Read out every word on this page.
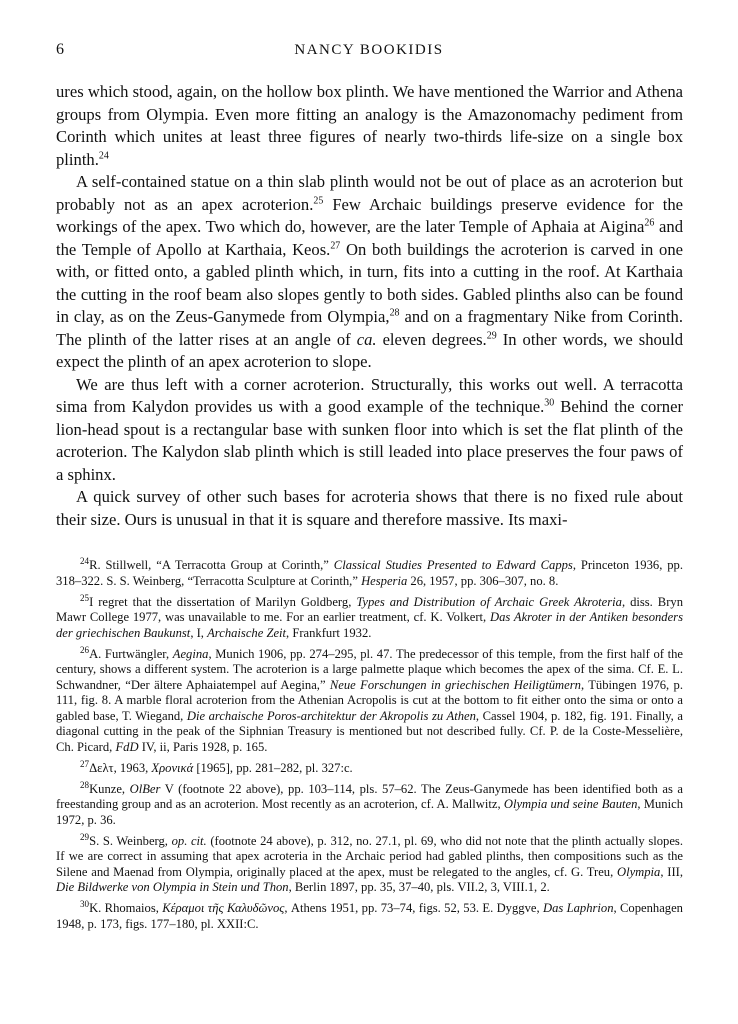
6	NANCY BOOKIDIS

ures which stood, again, on the hollow box plinth. We have mentioned the Warrior and Athena groups from Olympia. Even more fitting an analogy is the Amazonomachy pediment from Corinth which unites at least three figures of nearly two-thirds life-size on a single box plinth.$^{24}$

A self-contained statue on a thin slab plinth would not be out of place as an acroterion but probably not as an apex acroterion.$^{25}$ Few Archaic buildings preserve evidence for the workings of the apex. Two which do, however, are the later Temple of Aphaia at Aigina$^{26}$ and the Temple of Apollo at Karthaia, Keos.$^{27}$ On both buildings the acroterion is carved in one with, or fitted onto, a gabled plinth which, in turn, fits into a cutting in the roof. At Karthaia the cutting in the roof beam also slopes gently to both sides. Gabled plinths also can be found in clay, as on the Zeus-Ganymede from Olympia,$^{28}$ and on a fragmentary Nike from Corinth. The plinth of the latter rises at an angle of ca. eleven degrees.$^{29}$ In other words, we should expect the plinth of an apex acroterion to slope.

We are thus left with a corner acroterion. Structurally, this works out well. A terracotta sima from Kalydon provides us with a good example of the technique.$^{30}$ Behind the corner lion-head spout is a rectangular base with sunken floor into which is set the flat plinth of the acroterion. The Kalydon slab plinth which is still leaded into place preserves the four paws of a sphinx.

A quick survey of other such bases for acroteria shows that there is no fixed rule about their size. Ours is unusual in that it is square and therefore massive. Its maxi-

$^{24}$R. Stillwell, “A Terracotta Group at Corinth,” Classical Studies Presented to Edward Capps, Princeton 1936, pp. 318–322. S. S. Weinberg, “Terracotta Sculpture at Corinth,” Hesperia 26, 1957, pp. 306–307, no. 8.

$^{25}$I regret that the dissertation of Marilyn Goldberg, Types and Distribution of Archaic Greek Akroteria, diss. Bryn Mawr College 1977, was unavailable to me. For an earlier treatment, cf. K. Volkert, Das Akroter in der Antiken besonders der griechischen Baukunst, I, Archaische Zeit, Frankfurt 1932.

$^{26}$A. Furtwängler, Aegina, Munich 1906, pp. 274–295, pl. 47. The predecessor of this temple, from the first half of the century, shows a different system. The acroterion is a large palmette plaque which becomes the apex of the sima. Cf. E. L. Schwandner, “Der ältere Aphaiatempel auf Aegina,” Neue Forschungen in griechischen Heiligtümern, Tübingen 1976, p. 111, fig. 8. A marble floral acroterion from the Athenian Acropolis is cut at the bottom to fit either onto the sima or onto a gabled base, T. Wiegand, Die archaische Poros-architektur der Akropolis zu Athen, Cassel 1904, p. 182, fig. 191. Finally, a diagonal cutting in the peak of the Siphnian Treasury is mentioned but not described fully. Cf. P. de la Coste-Messelière, Ch. Picard, FdD IV, ii, Paris 1928, p. 165.

$^{27}$Δελτ, 1963, Χρονικά [1965], pp. 281–282, pl. 327:c.

$^{28}$Kunze, OlBer V (footnote 22 above), pp. 103–114, pls. 57–62. The Zeus-Ganymede has been identified both as a freestanding group and as an acroterion. Most recently as an acroterion, cf. A. Mallwitz, Olympia und seine Bauten, Munich 1972, p. 36.

$^{29}$S. S. Weinberg, op. cit. (footnote 24 above), p. 312, no. 27.1, pl. 69, who did not note that the plinth actually slopes. If we are correct in assuming that apex acroteria in the Archaic period had gabled plinths, then compositions such as the Silene and Maenad from Olympia, originally placed at the apex, must be relegated to the angles, cf. G. Treu, Olympia, III, Die Bildwerke von Olympia in Stein und Thon, Berlin 1897, pp. 35, 37–40, pls. VII.2, 3, VIII.1, 2.

$^{30}$K. Rhomaios, Κέραμοι τῆς Καλυδῶνος, Athens 1951, pp. 73–74, figs. 52, 53. E. Dyggve, Das Laphrion, Copenhagen 1948, p. 173, figs. 177–180, pl. XXII:C.
